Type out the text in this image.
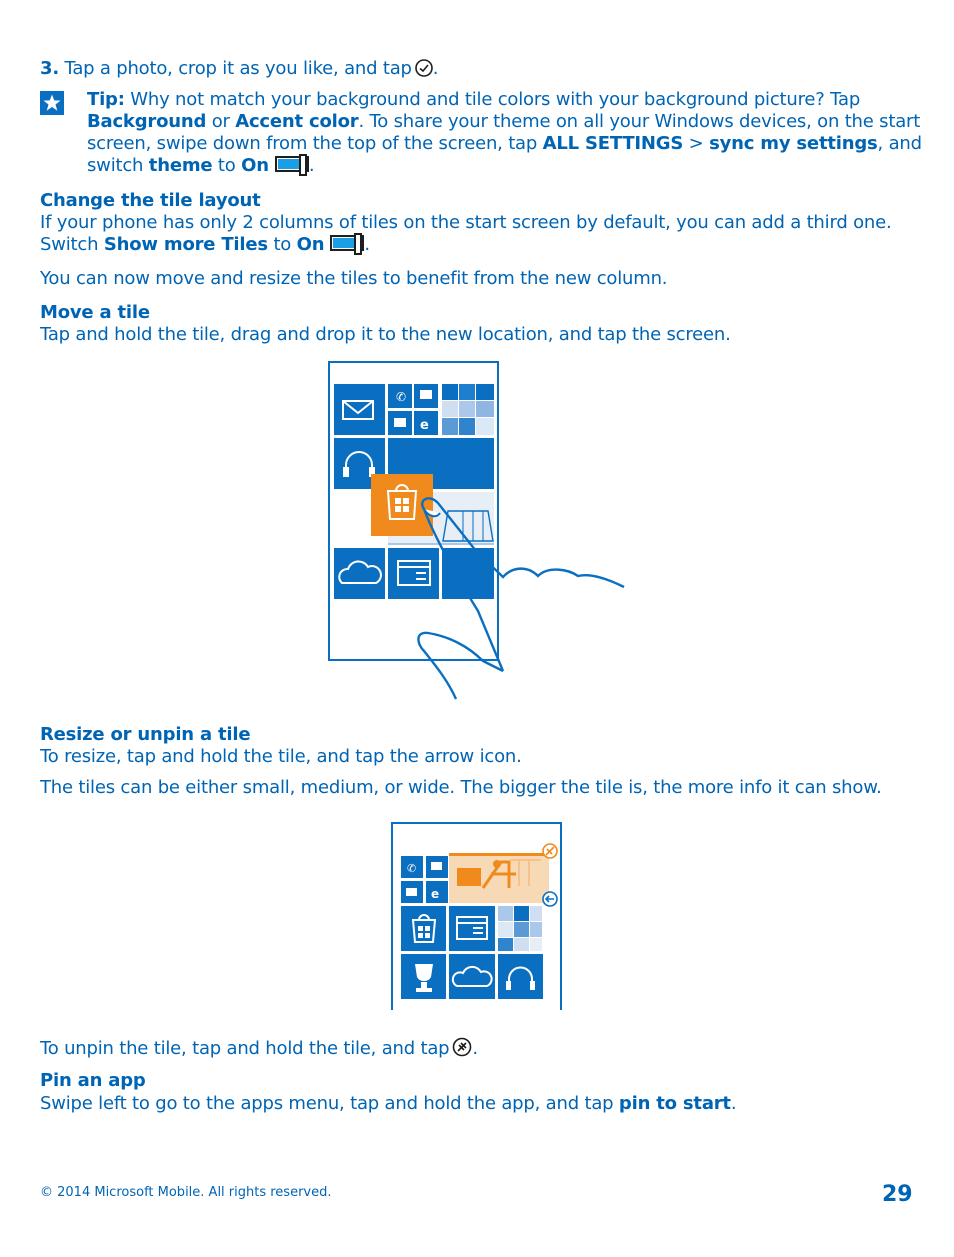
3. Tap a photo, crop it as you like, and tap .

Tip: Why not match your background and tile colors with your background picture? Tap
Background or Accent color. To share your theme on all your Windows devices, on the start
screen, swipe down from the top of the screen, tap ALL SETTINGS > sync my settings, and
switch theme to On .

Change the tile layout

If your phone has only 2 columns of tiles on the start screen by default, you can add a third one.

Switch Show more Tiles to On .

You can now move and resize the tiles to benefit from the new column.

Move a tile

Tap and hold the tile, drag and drop it to the new location, and tap the screen.

✆
e

Resize or unpin a tile

To resize, tap and hold the tile, and tap the arrow icon.

The tiles can be either small, medium, or wide. The bigger the tile is, the more info it can show.

✆
e

To unpin the tile, tap and hold the tile, and tap .

Pin an app

Swipe left to go to the apps menu, tap and hold the app, and tap pin to start.

© 2014 Microsoft Mobile. All rights reserved.	29
